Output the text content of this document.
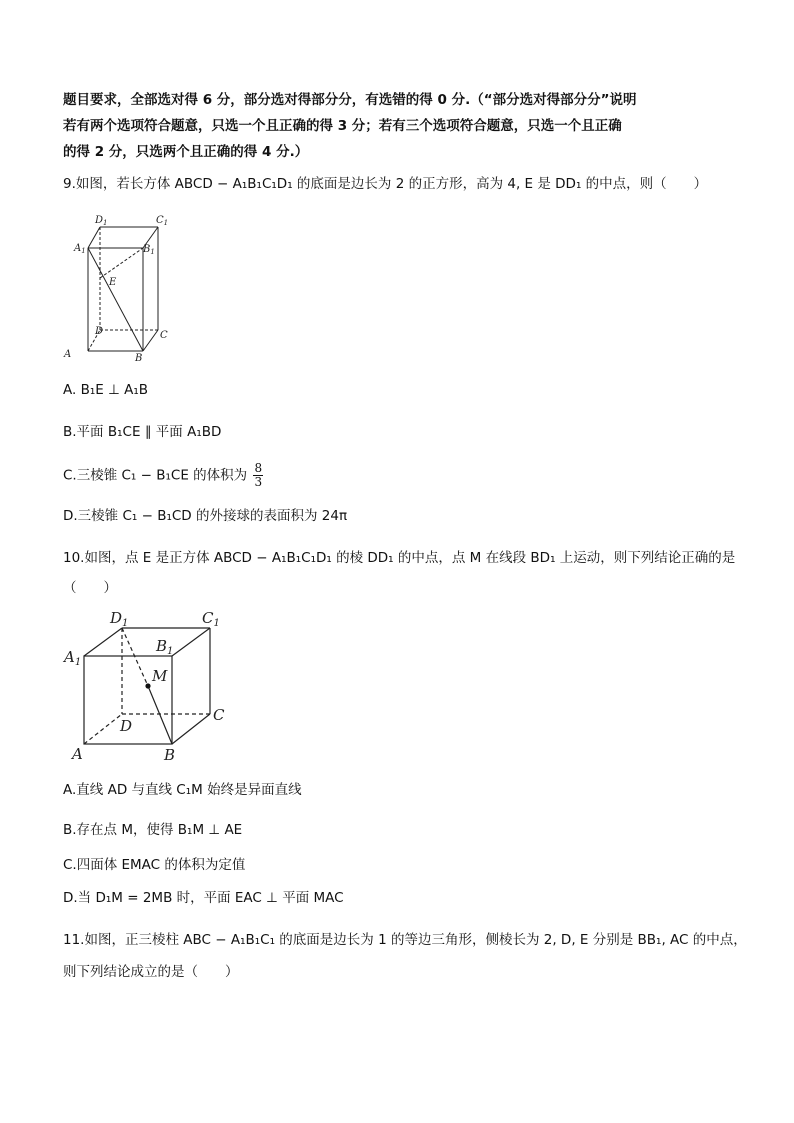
题目要求，全部选对得 6 分，部分选对得部分分，有选错的得 0 分.（“部分选对得部分分”说明
若有两个选项符合题意，只选一个且正确的得 3 分；若有三个选项符合题意，只选一个且正确
的得 2 分，只选两个且正确的得 4 分.）
9.如图，若长方体 ABCD − A₁B₁C₁D₁ 的底面是边长为 2 的正方形，高为 4, E 是 DD₁ 的中点，则（　　）
$D_1$	$C_1$
$A_1$	$B_1$
E
D	C
A	B
A. B₁E ⊥ A₁B
B.平面 B₁CE ∥ 平面 A₁BD
C.三棱锥 C₁ − B₁CE 的体积为 $\frac{8}{3}$
D.三棱锥 C₁ − B₁CD 的外接球的表面积为 24π
10.如图，点 E 是正方体 ABCD − A₁B₁C₁D₁ 的棱 DD₁ 的中点，点 M 在线段 BD₁ 上运动，则下列结论正确的是
（　　）
$D_1$	$C_1$
$A_1$
$B_1$
M
D
C
A	B
A.直线 AD 与直线 C₁M 始终是异面直线
B.存在点 M，使得 B₁M ⊥ AE
C.四面体 EMAC 的体积为定值
D.当 D₁M = 2MB 时，平面 EAC ⊥ 平面 MAC
11.如图，正三棱柱 ABC − A₁B₁C₁ 的底面是边长为 1 的等边三角形，侧棱长为 2, D, E 分别是 BB₁, AC 的中点，
则下列结论成立的是（　　）
